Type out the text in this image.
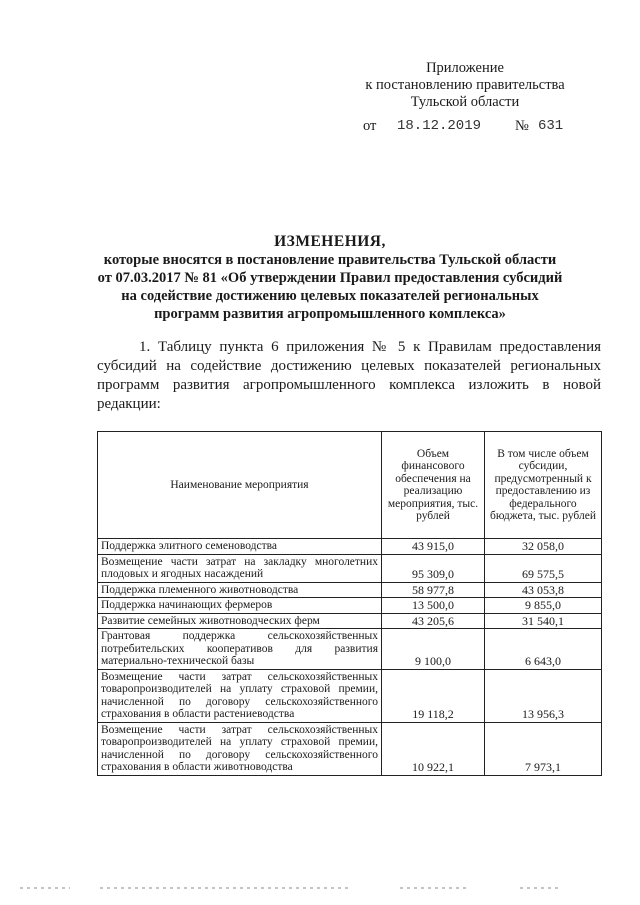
Приложение
к постановлению правительства
Тульской области
от 18.12.2019 № 631
ИЗМЕНЕНИЯ,
которые вносятся в постановление правительства Тульской области
от 07.03.2017 № 81 «Об утверждении Правил предоставления субсидий
на содействие достижению целевых показателей региональных
программ развития агропромышленного комплекса»
1. Таблицу пункта 6 приложения № 5 к Правилам предоставления субсидий на содействие достижению целевых показателей региональных программ развития агропромышленного комплекса изложить в новой редакции:
Наименование мероприятия	Объем финансового обеспечения на реализацию мероприятия, тыс. рублей	В том числе объем субсидии, предусмотренный к предоставлению из федерального бюджета, тыс. рублей
Поддержка элитного семеноводства	43 915,0	32 058,0
Возмещение части затрат на закладку многолетних плодовых и ягодных насаждений	95 309,0	69 575,5
Поддержка племенного животноводства	58 977,8	43 053,8
Поддержка начинающих фермеров	13 500,0	9 855,0
Развитие семейных животноводческих ферм	43 205,6	31 540,1
Грантовая поддержка сельскохозяйственных потребительских кооперативов для развития материально-технической базы	9 100,0	6 643,0
Возмещение части затрат сельскохозяйственных товаропроизводителей на уплату страховой премии, начисленной по договору сельскохозяйственного страхования в области растениеводства	19 118,2	13 956,3
Возмещение части затрат сельскохозяйственных товаропроизводителей на уплату страховой премии, начисленной по договору сельскохозяйственного страхования в области животноводства	10 922,1	7 973,1
